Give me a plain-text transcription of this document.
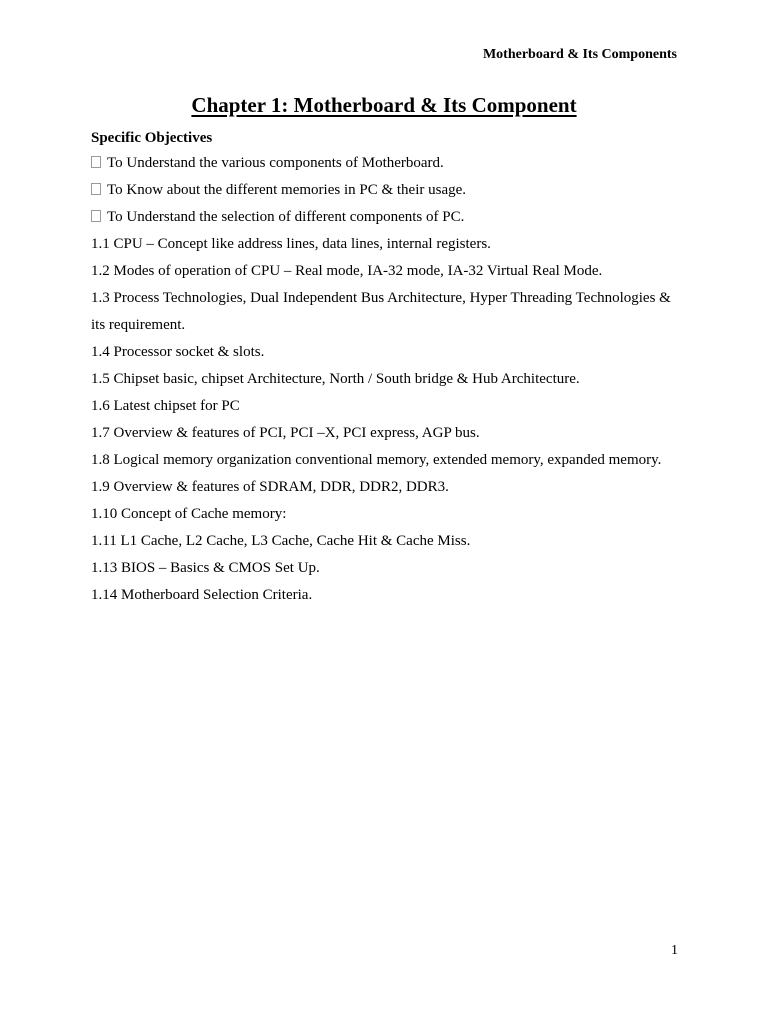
Motherboard & Its Components
Chapter 1: Motherboard & Its Component
Specific Objectives
To Understand the various components of Motherboard.
To Know about the different memories in PC & their usage.
To Understand the selection of different components of PC.
1.1 CPU – Concept like address lines, data lines, internal registers.
1.2 Modes of operation of CPU – Real mode, IA-32 mode, IA-32 Virtual Real Mode.
1.3 Process Technologies, Dual Independent Bus Architecture, Hyper Threading Technologies &
its requirement.
1.4 Processor socket & slots.
1.5 Chipset basic, chipset Architecture, North / South bridge & Hub Architecture.
1.6 Latest chipset for PC
1.7 Overview & features of PCI, PCI –X, PCI express, AGP bus.
1.8 Logical memory organization conventional memory, extended memory, expanded memory.
1.9 Overview & features of SDRAM, DDR, DDR2, DDR3.
1.10 Concept of Cache memory:
1.11 L1 Cache, L2 Cache, L3 Cache, Cache Hit & Cache Miss.
1.13 BIOS – Basics & CMOS Set Up.
1.14 Motherboard Selection Criteria.
1
